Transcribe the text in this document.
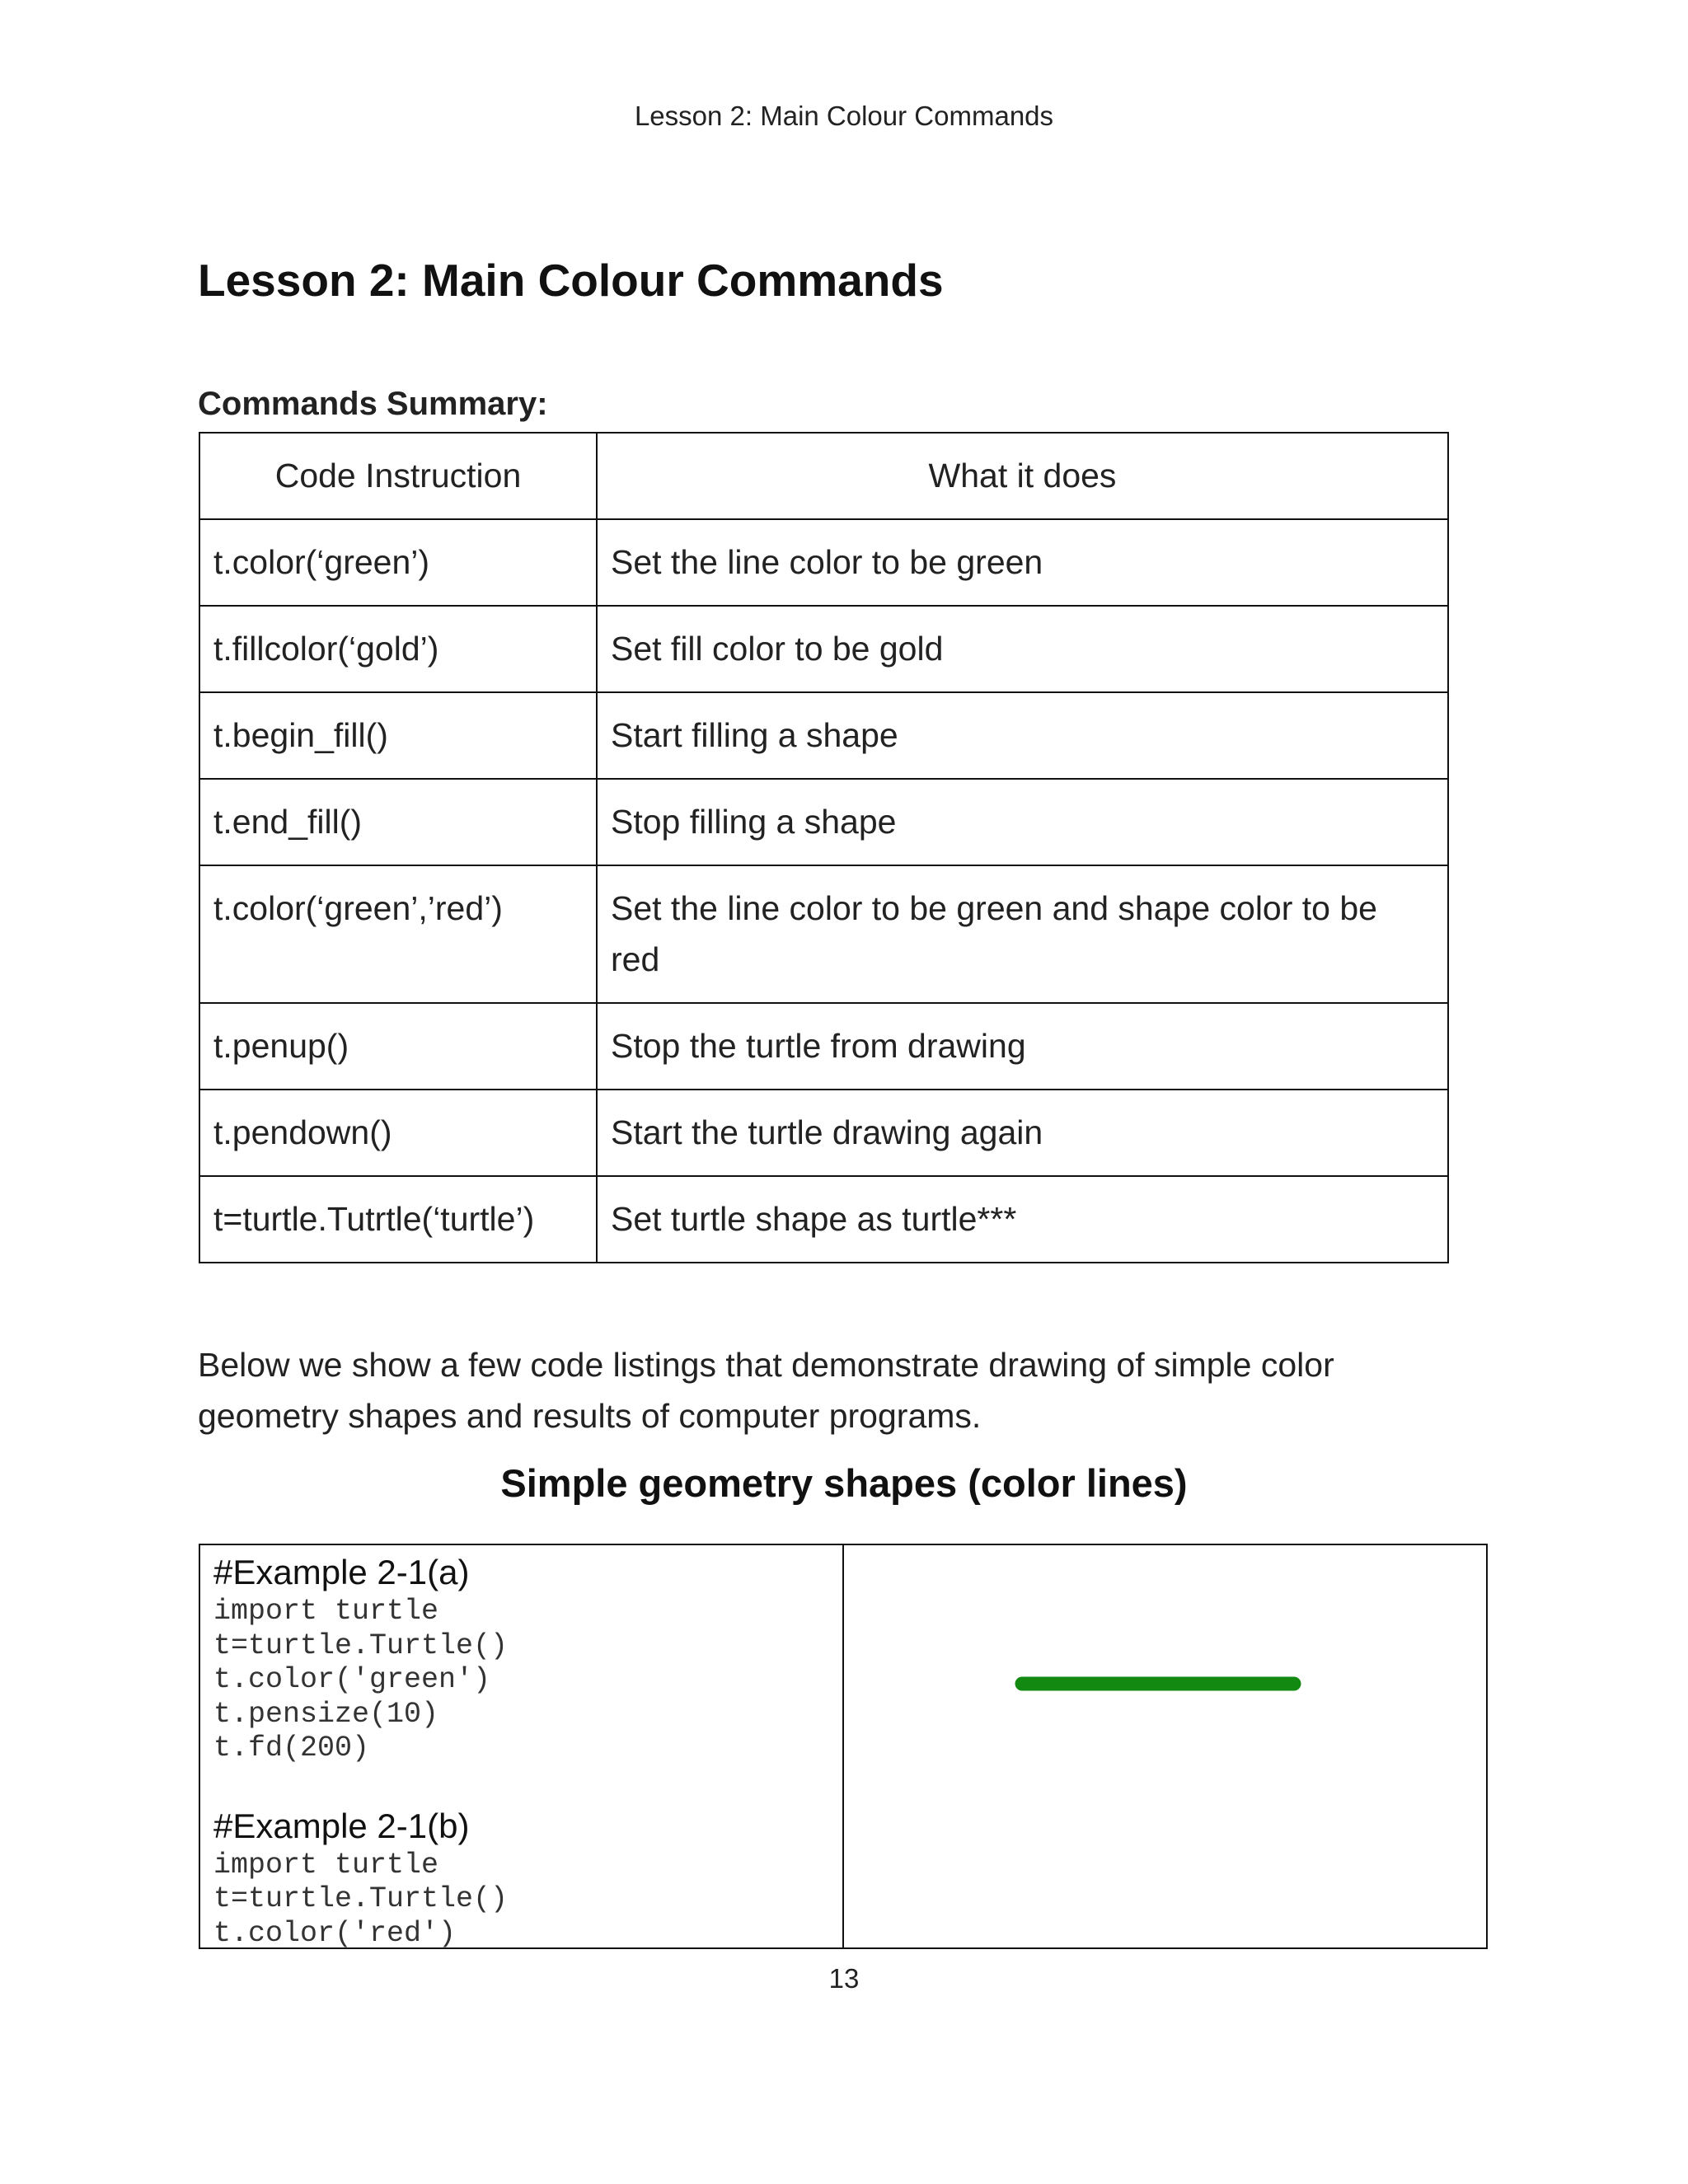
Lesson 2: Main Colour Commands
Lesson 2: Main Colour Commands
Commands Summary:
Code Instruction	What it does
t.color(‘green’)	Set the line color to be green
t.fillcolor(‘gold’)	Set fill color to be gold
t.begin_fill()	Start filling a shape
t.end_fill()	Stop filling a shape
t.color(‘green’,’red’)	Set the line color to be green and shape color to be red
t.penup()	Stop the turtle from drawing
t.pendown()	Start the turtle drawing again
t=turtle.Tutrtle(‘turtle’)	Set turtle shape as turtle***

Below we show a few code listings that demonstrate drawing of simple color geometry shapes and results of computer programs.

Simple geometry shapes (color lines)
#Example 2-1(a)
import turtle
t=turtle.Turtle()
t.color('green')
t.pensize(10)
t.fd(200)
#Example 2-1(b)
import turtle
t=turtle.Turtle()
t.color('red')
13
